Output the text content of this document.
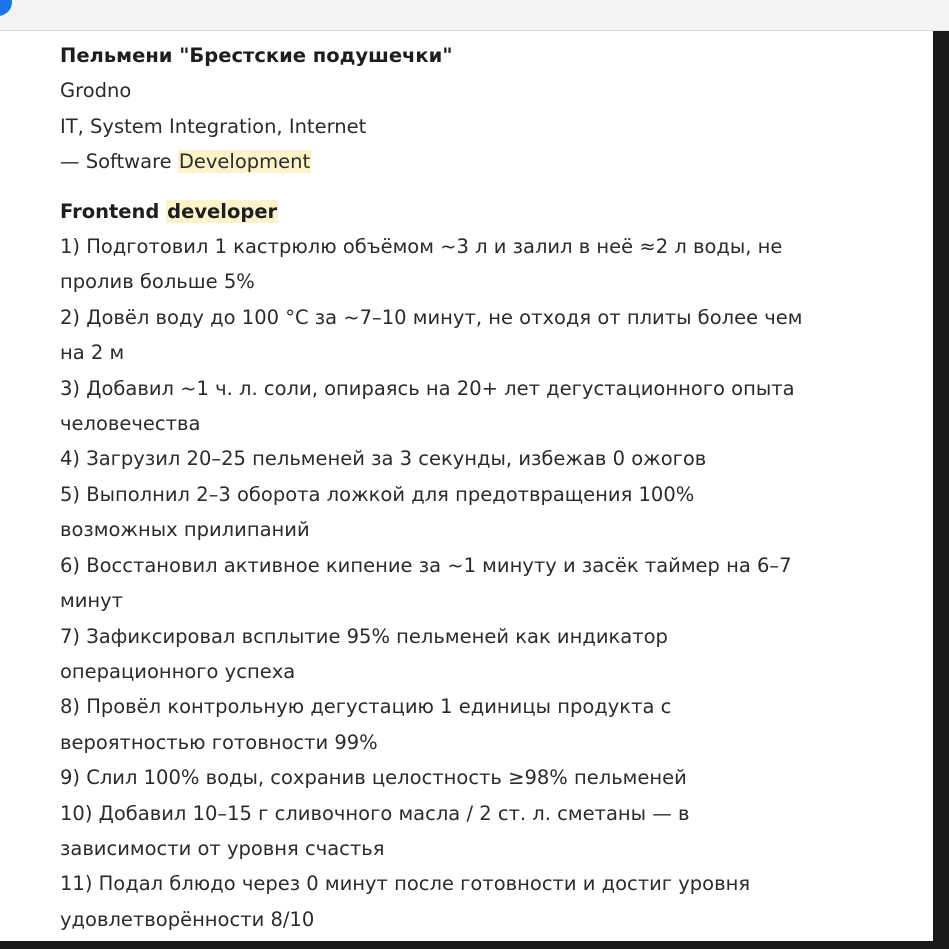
Пельмени "Брестские подушечки"

Grodno

IT, System Integration, Internet

— Software Development

Frontend developer

1) Подготовил 1 кастрюлю объёмом ~3 л и залил в неё ≈2 л воды, не

пролив больше 5%

2) Довёл воду до 100 °C за ~7–10 минут, не отходя от плиты более чем

на 2 м

3) Добавил ~1 ч. л. соли, опираясь на 20+ лет дегустационного опыта

человечества

4) Загрузил 20–25 пельменей за 3 секунды, избежав 0 ожогов

5) Выполнил 2–3 оборота ложкой для предотвращения 100%

возможных прилипаний

6) Восстановил активное кипение за ~1 минуту и засёк таймер на 6–7

минут

7) Зафиксировал всплытие 95% пельменей как индикатор

операционного успеха

8) Провёл контрольную дегустацию 1 единицы продукта с

вероятностью готовности 99%

9) Слил 100% воды, сохранив целостность ≥98% пельменей

10) Добавил 10–15 г сливочного масла / 2 ст. л. сметаны — в

зависимости от уровня счастья

11) Подал блюдо через 0 минут после готовности и достиг уровня

удовлетворённости 8/10
